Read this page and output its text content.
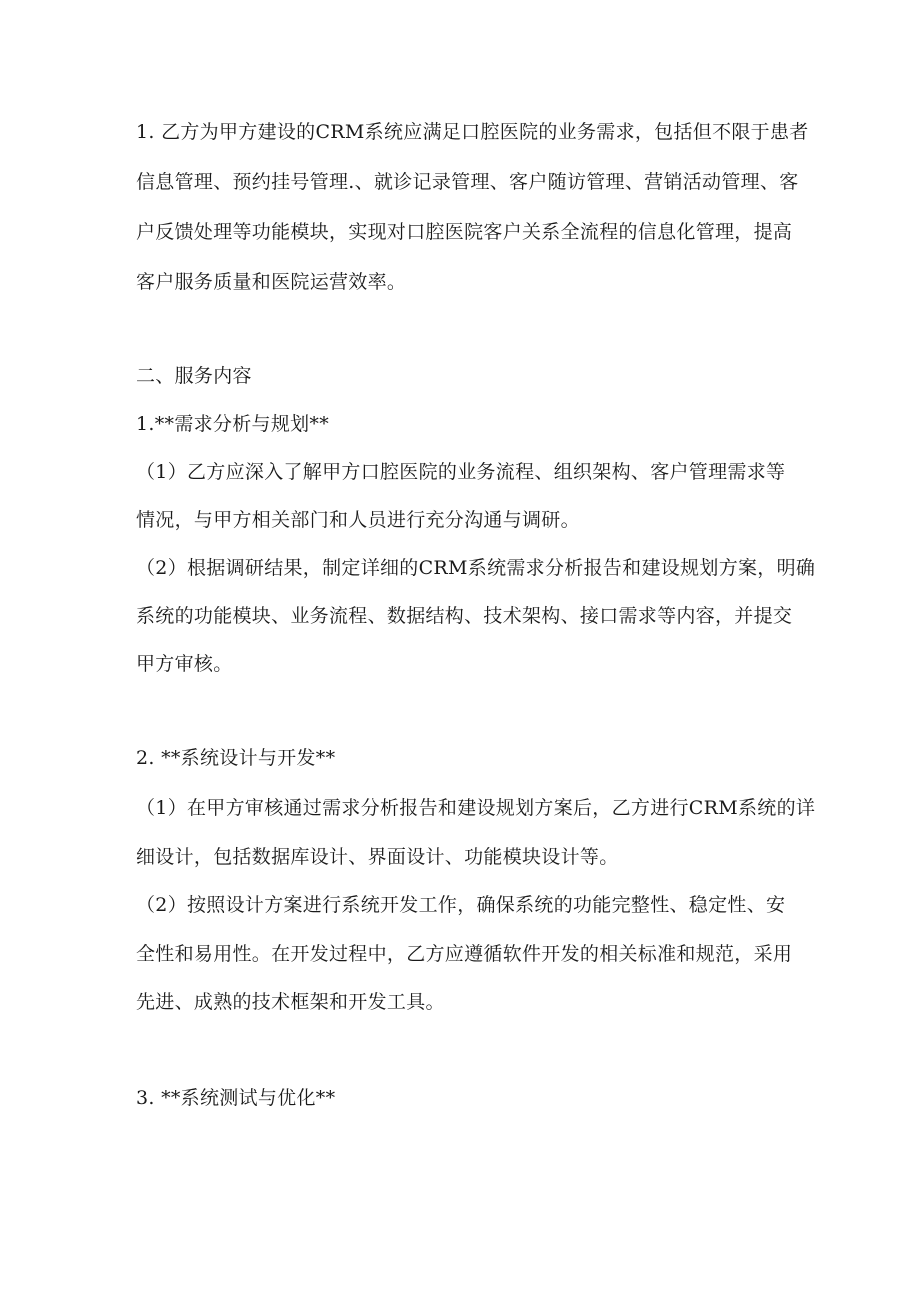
1. 乙方为甲方建设的CRM系统应满足口腔医院的业务需求，包括但不限于患者
信息管理、预约挂号管理.、就诊记录管理、客户随访管理、营销活动管理、客
户反馈处理等功能模块，实现对口腔医院客户关系全流程的信息化管理，提高
客户服务质量和医院运营效率。
二、服务内容
1.**需求分析与规划**
（1）乙方应深入了解甲方口腔医院的业务流程、组织架构、客户管理需求等
情况，与甲方相关部门和人员进行充分沟通与调研。
（2）根据调研结果，制定详细的CRM系统需求分析报告和建设规划方案，明确
系统的功能模块、业务流程、数据结构、技术架构、接口需求等内容，并提交
甲方审核。
2. **系统设计与开发**
（1）在甲方审核通过需求分析报告和建设规划方案后，乙方进行CRM系统的详
细设计，包括数据库设计、界面设计、功能模块设计等。
（2）按照设计方案进行系统开发工作，确保系统的功能完整性、稳定性、安
全性和易用性。在开发过程中，乙方应遵循软件开发的相关标准和规范，采用
先进、成熟的技术框架和开发工具。
3. **系统测试与优化**
